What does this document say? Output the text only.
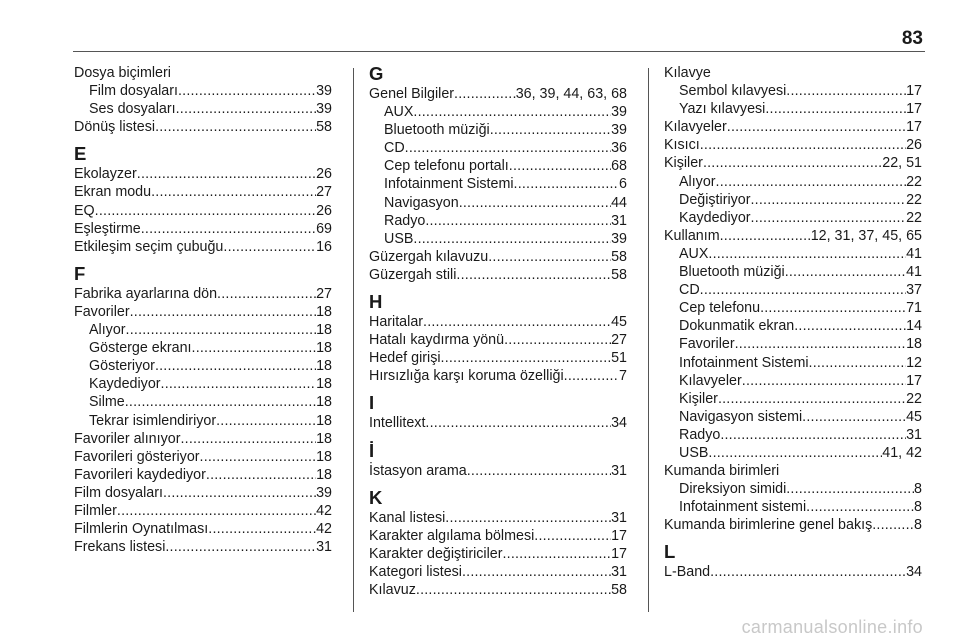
83
Dosya biçimleri
Film dosyaları .....	39
Ses dosyaları .....	39
Dönüş listesi .....	58
E
Ekolayzer .....	26
Ekran modu .....	27
EQ .....	26
Eşleştirme .....	69
Etkileşim seçim çubuğu .....	16
F
Fabrika ayarlarına dön .....	27
Favoriler .....	18
Alıyor .....	18
Gösterge ekranı .....	18
Gösteriyor .....	18
Kaydediyor .....	18
Silme .....	18
Tekrar isimlendiriyor .....	18
Favoriler alınıyor .....	18
Favorileri gösteriyor .....	18
Favorileri kaydediyor .....	18
Film dosyaları .....	39
Filmler .....	42
Filmlerin Oynatılması .....	42
Frekans listesi .....	31
G
Genel Bilgiler .....	36, 39, 44, 63, 68
AUX .....	39
Bluetooth müziği .....	39
CD .....	36
Cep telefonu portalı .....	68
Infotainment Sistemi .....	6
Navigasyon .....	44
Radyo .....	31
USB .....	39
Güzergah kılavuzu .....	58
Güzergah stili .....	58
H
Haritalar .....	45
Hatalı kaydırma yönü .....	27
Hedef girişi .....	51
Hırsızlığa karşı koruma özelliği .....	7
I
Intellitext .....	34
İ
İstasyon arama .....	31
K
Kanal listesi .....	31
Karakter algılama bölmesi .....	17
Karakter değiştiriciler .....	17
Kategori listesi .....	31
Kılavuz .....	58
Kılavye
Sembol kılavyesi .....	17
Yazı kılavyesi .....	17
Kılavyeler .....	17
Kısıcı .....	26
Kişiler .....	22, 51
Alıyor .....	22
Değiştiriyor .....	22
Kaydediyor .....	22
Kullanım .....	12, 31, 37, 45, 65
AUX .....	41
Bluetooth müziği .....	41
CD .....	37
Cep telefonu .....	71
Dokunmatik ekran .....	14
Favoriler .....	18
Infotainment Sistemi .....	12
Kılavyeler .....	17
Kişiler .....	22
Navigasyon sistemi .....	45
Radyo .....	31
USB .....	41, 42
Kumanda birimleri
Direksiyon simidi .....	8
Infotainment sistemi .....	8
Kumanda birimlerine genel bakış .....	8
L
L-Band .....	34
carmanualsonline.info
